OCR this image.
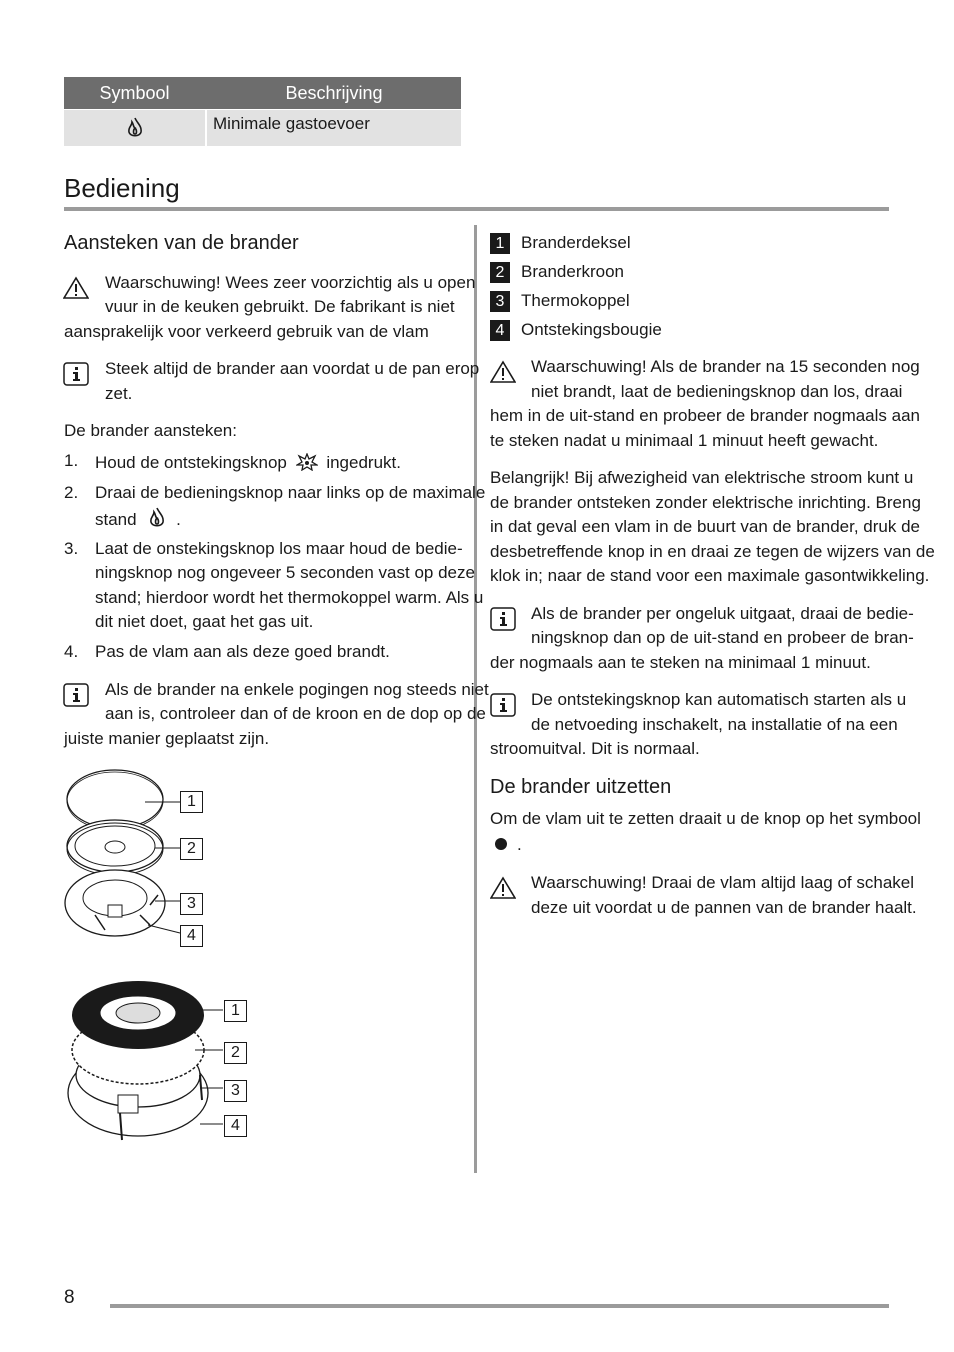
Symbool	Beschrijving
Minimale gastoevoer
Bediening
Aansteken van de brander
Waarschuwing! Wees zeer voorzichtig als u open
vuur in de keuken gebruikt. De fabrikant is niet
aansprakelijk voor verkeerd gebruik van de vlam
Steek altijd de brander aan voordat u de pan erop
zet.
De brander aansteken:
1. Houd de ontstekingsknop ingedrukt.
2. Draai de bedieningsknop naar links op de maximale
stand .
3. Laat de onstekingsknop los maar houd de bedie-
ningsknop nog ongeveer 5 seconden vast op deze
stand; hierdoor wordt het thermokoppel warm. Als u
dit niet doet, gaat het gas uit.
4. Pas de vlam aan als deze goed brandt.
Als de brander na enkele pogingen nog steeds niet
aan is, controleer dan of de kroon en de dop op de
juiste manier geplaatst zijn.
1
2
3
4
1
2
3
4
1 Branderdeksel
2 Branderkroon
3 Thermokoppel
4 Ontstekingsbougie
Waarschuwing! Als de brander na 15 seconden nog
niet brandt, laat de bedieningsknop dan los, draai
hem in de uit-stand en probeer de brander nogmaals aan
te steken nadat u minimaal 1 minuut heeft gewacht.
Belangrijk! Bij afwezigheid van elektrische stroom kunt u
de brander ontsteken zonder elektrische inrichting. Breng
in dat geval een vlam in de buurt van de brander, druk de
desbetreffende knop in en draai ze tegen de wijzers van de
klok in; naar de stand voor een maximale gasontwikkeling.
Als de brander per ongeluk uitgaat, draai de bedie-
ningsknop dan op de uit-stand en probeer de bran-
der nogmaals aan te steken na minimaal 1 minuut.
De ontstekingsknop kan automatisch starten als u
de netvoeding inschakelt, na installatie of na een
stroomuitval. Dit is normaal.
De brander uitzetten
Om de vlam uit te zetten draait u de knop op het symbool
.
Waarschuwing! Draai de vlam altijd laag of schakel
deze uit voordat u de pannen van de brander haalt.
8
